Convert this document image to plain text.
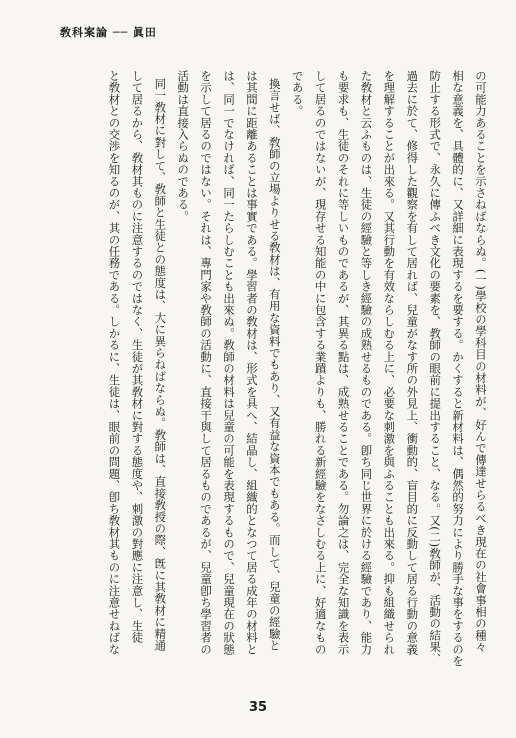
敎科案論 ── 眞田
の可能力あることを示さねばならぬ。(一)學校の學科目の材料が、好んで傳達せらるべき現在の社會事相の種々
相な意義を、具體的に、又詳細に表現するを要する。かくすると新材料は、偶然的努力により勝手な事をするのを
防止する形式で、永久に傳ふべき文化の要素を、教師の眼前に提出すること、なる。又(二)敎師が、活動の結果、
過去に於て、修得した觀察を有して居れば、兒童がなす所の外見上、衝動的、盲目的に反動して居る行動の意義
を理解することが出來る。又其行動を有效ならしむる上に、必要な刺激を與ふることも出來る。抑も組織せられ
た敎材と云ふものは、生徒の經驗と等しき經驗の成熟せるものである。卽ち同じ世界に於ける經驗であり、能力
も要求も、生徒のそれに等しいものであるが、其異る點は、成熟せることである。勿論之は、完全な知識を表示
して居るのではないが、現存せる知能の中に包含する業蹟よりも、勝れる新經驗をなさしむる上に、好適なもの
である。
換言せば、敎師の立場よりせる敎材は、有用な資料でもあり、又有益な資本でもある。而して、兒童の經驗と
は其間に距離あることは事實である。學習者の敎材は、形式を具へ、結晶し、組織的となつて居る成年の材料と
は、同一でなければ、同一たらしむことも出來ぬ。敎師の材料は兒童の可能を表現するもので、兒童現在の狀態
を示して居るのではない。それは、專門家や敎師の活動に、直接干與して居るものであるが、兒童卽ち學習者の
活動は直接入らぬのである。
同一敎材に對して、敎師と生徒との態度は、大に異らねばならぬ。敎師は、直接敎授の際、旣に其敎材に精通
して居るから、敎材其ものに注意するのではなく、生徒が其敎材に對する態度や、刺激の對應に注意し、生徒
と敎材との交渉を知るのが、其の任務である。しかるに、生徒は、眼前の問題、卽ち敎材其ものに注意せねばな
35
